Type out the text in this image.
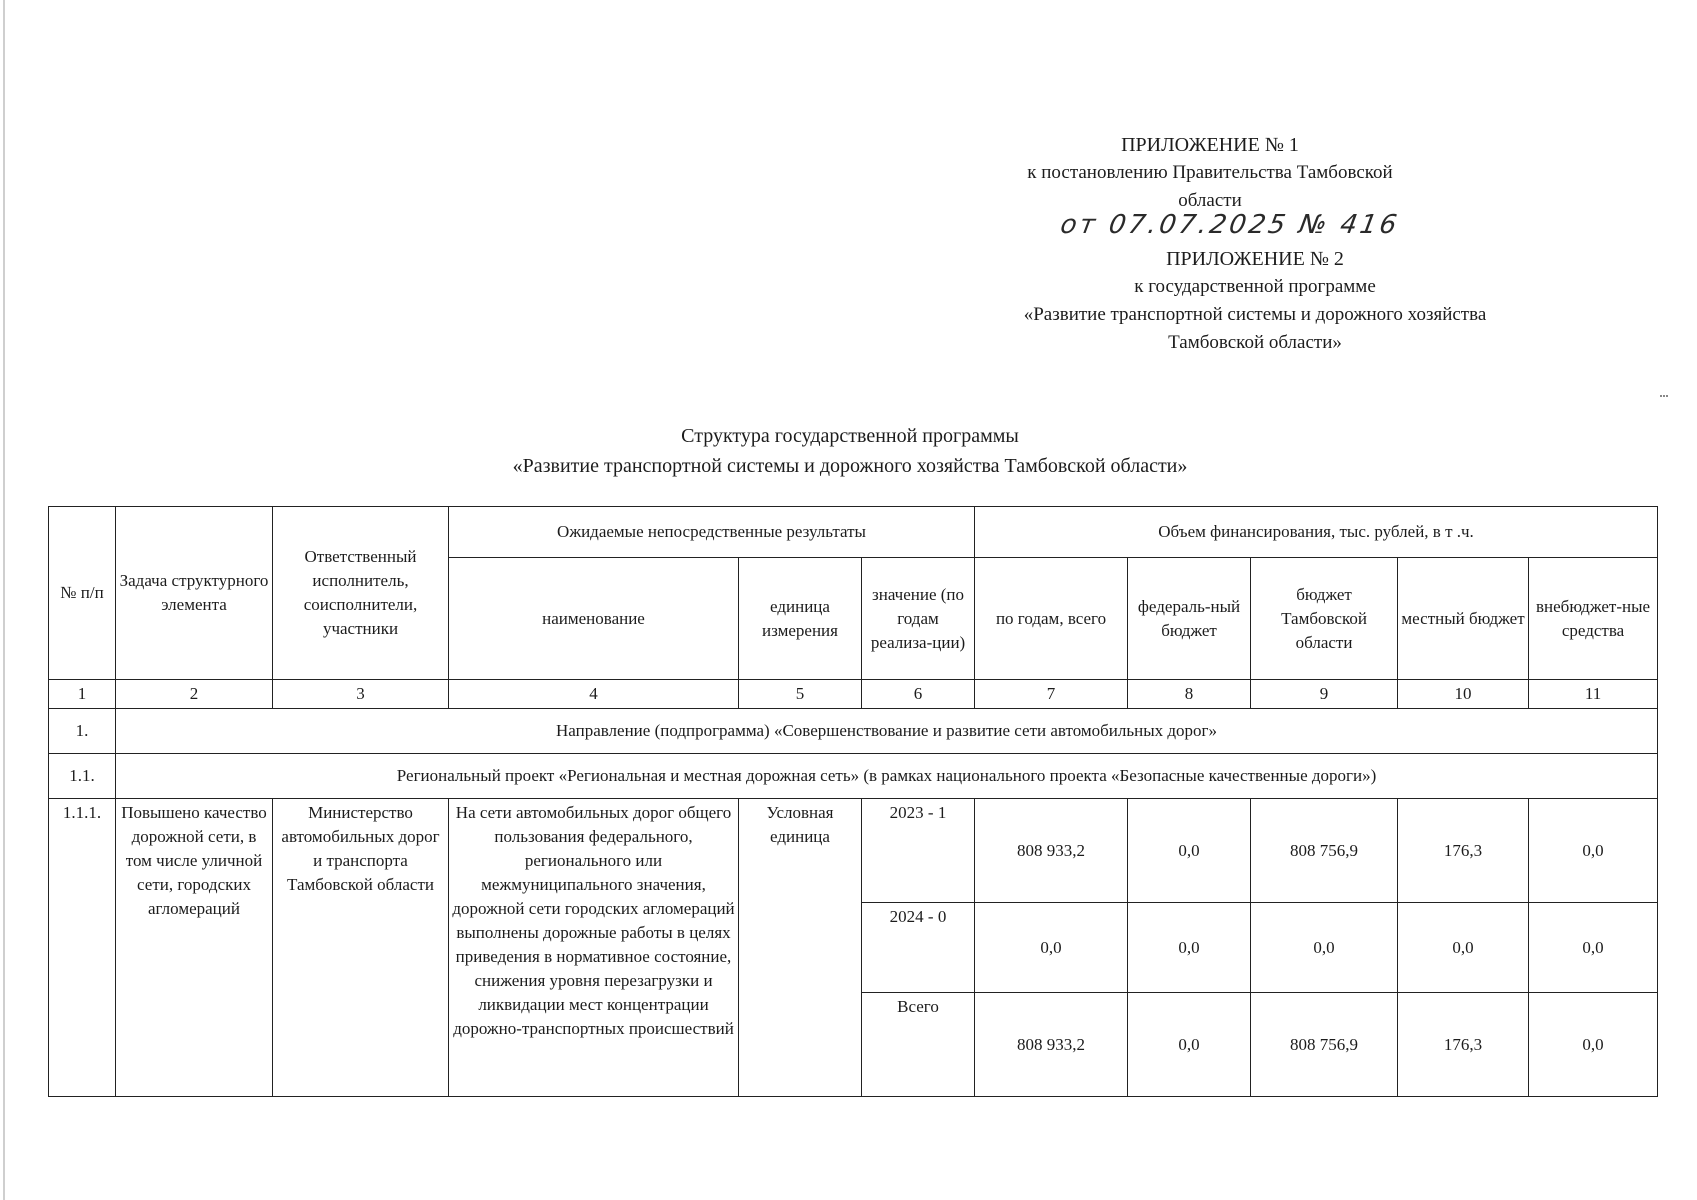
ПРИЛОЖЕНИЕ № 1
к постановлению Правительства Тамбовской области
от 07.07.2025 № 416
ПРИЛОЖЕНИЕ № 2
к государственной программе
«Развитие транспортной системы и дорожного хозяйства
Тамбовской области»
Структура государственной программы
«Развитие транспортной системы и дорожного хозяйства Тамбовской области»
№ п/п	Задача структурного элемента	Ответственный исполнитель, соисполнители, участники	Ожидаемые непосредственные результаты			Объем финансирования, тыс. рублей, в т .ч.				
			наименование	единица измерения	значение (по годам реализа-ции)	по годам, всего	федераль-ный бюджет	бюджет Тамбовской области	местный бюджет	внебюджет-ные средства
1	2	3	4	5	6	7	8	9	10	11
1.	Направление (подпрограмма) «Совершенствование и развитие сети автомобильных дорог»									
1.1.	Региональный проект «Региональная и местная дорожная сеть» (в рамках национального проекта «Безопасные качественные дороги»)									
1.1.1.	Повышено качество дорожной сети, в том числе уличной сети, городских агломераций	Министерство автомобильных дорог и транспорта Тамбовской области	На сети автомобильных дорог общего пользования федерального, регионального или межмуниципального значения, дорожной сети городских агломераций выполнены дорожные работы в целях приведения в нормативное состояние, снижения уровня перезагрузки и ликвидации мест концентрации дорожно-транспортных происшествий	Условная единица	2023 - 1	808 933,2	0,0	808 756,9	176,3	0,0
					2024 - 0	0,0	0,0	0,0	0,0	0,0
					Всего	808 933,2	0,0	808 756,9	176,3	0,0
